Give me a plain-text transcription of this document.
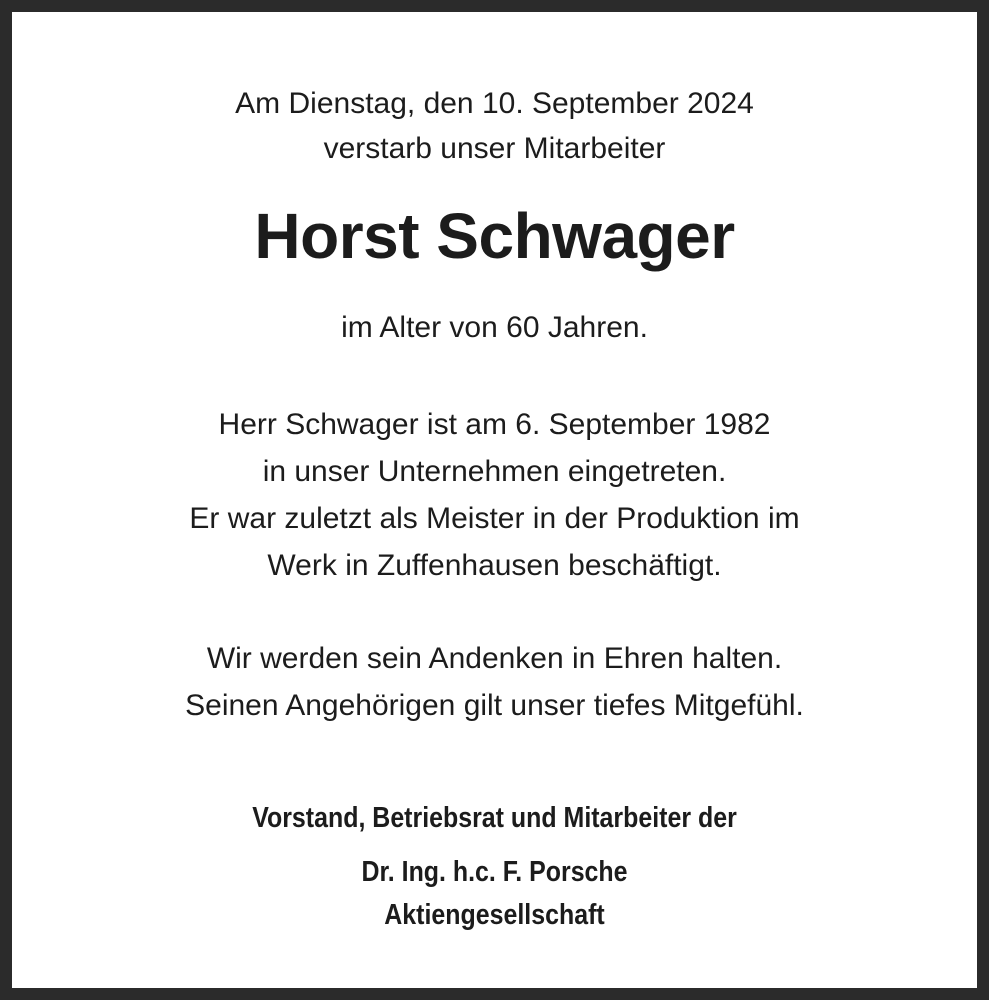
Am Dienstag, den 10. September 2024
verstarb unser Mitarbeiter
Horst Schwager
im Alter von 60 Jahren.
Herr Schwager ist am 6. September 1982
in unser Unternehmen eingetreten.
Er war zuletzt als Meister in der Produktion im
Werk in Zuffenhausen beschäftigt.
Wir werden sein Andenken in Ehren halten.
Seinen Angehörigen gilt unser tiefes Mitgefühl.
Vorstand, Betriebsrat und Mitarbeiter der
Dr. Ing. h.c. F. Porsche
Aktiengesellschaft
